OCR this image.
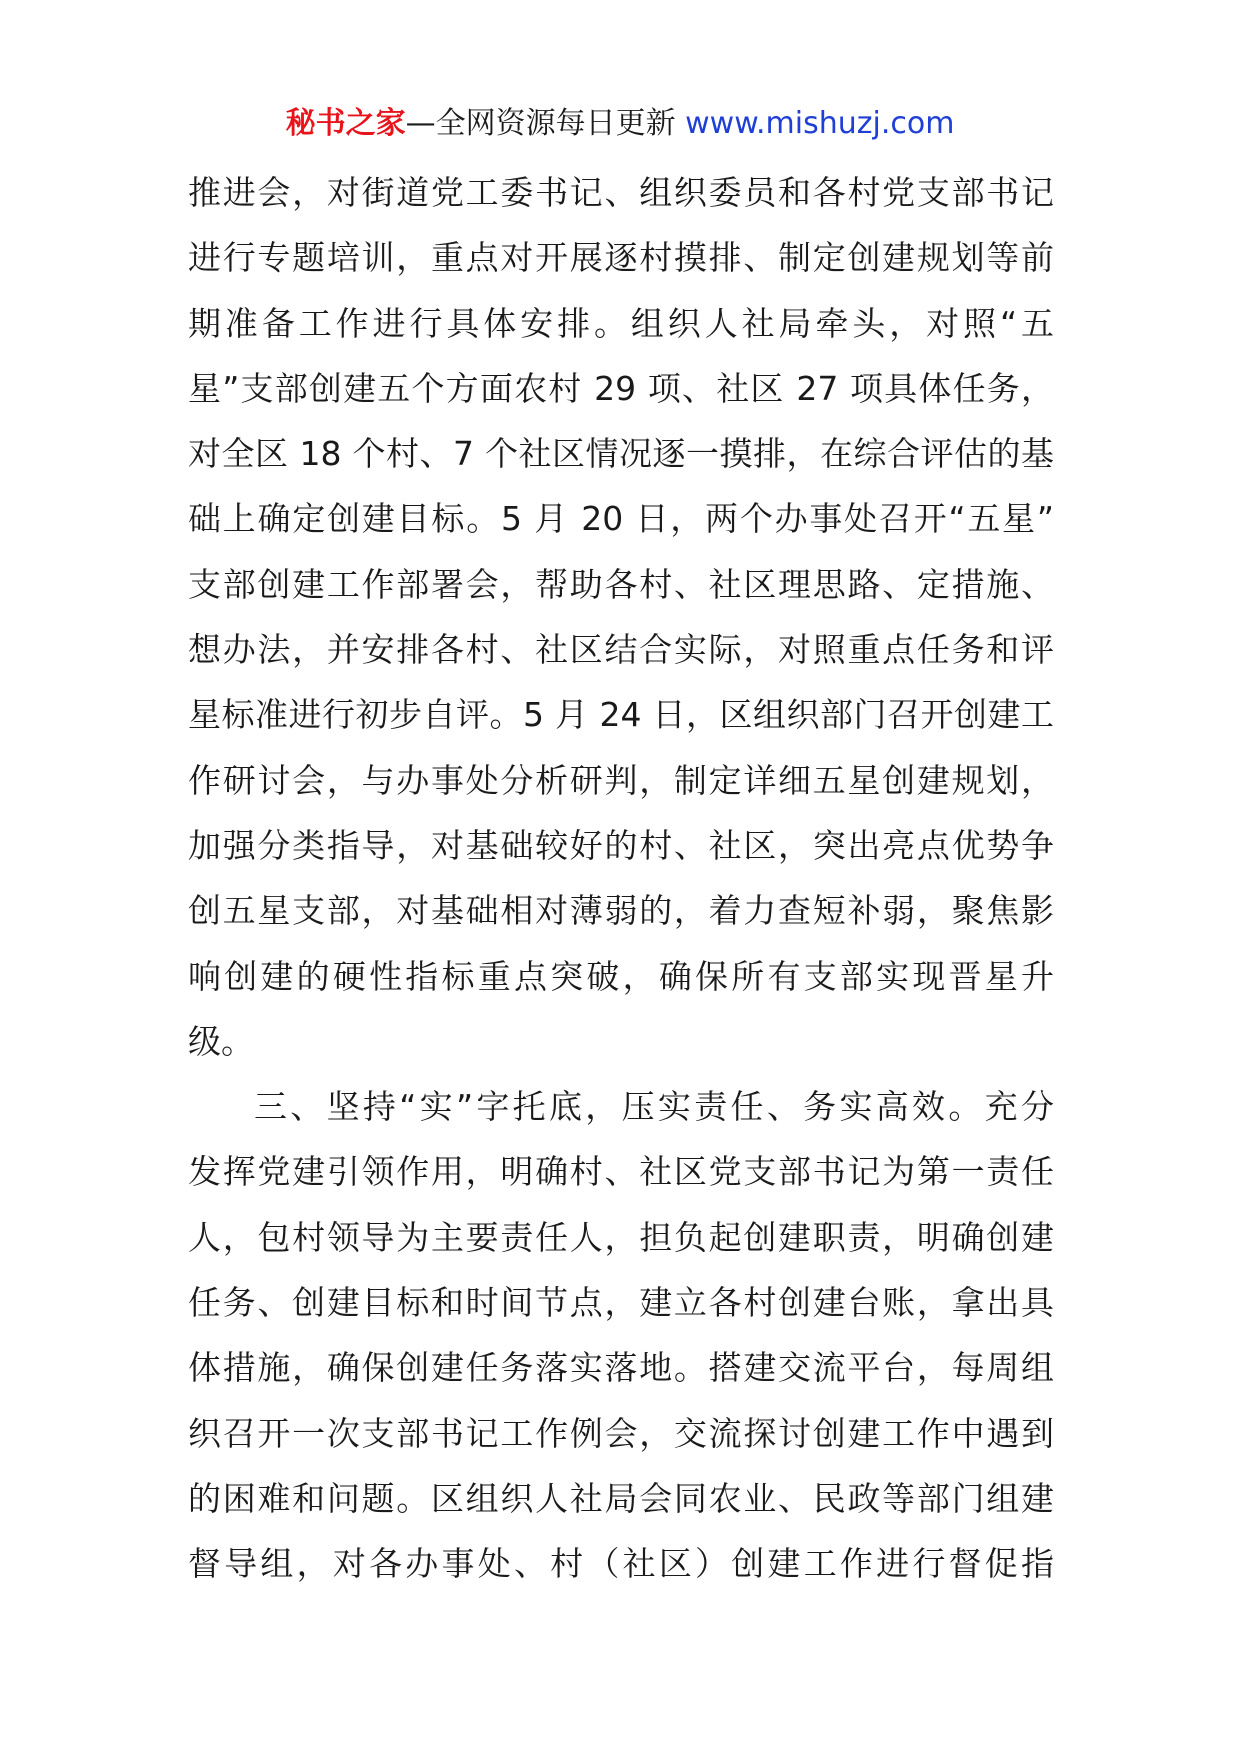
秘书之家—全网资源每日更新 www.mishuzj.com
推进会，对街道党工委书记、组织委员和各村党支部书记
进行专题培训，重点对开展逐村摸排、制定创建规划等前
期准备工作进行具体安排。组织人社局牵头，对照“五
星”支部创建五个方面农村 29 项、社区 27 项具体任务，
对全区 18 个村、7 个社区情况逐一摸排，在综合评估的基
础上确定创建目标。5 月 20 日，两个办事处召开“五星”
支部创建工作部署会，帮助各村、社区理思路、定措施、
想办法，并安排各村、社区结合实际，对照重点任务和评
星标准进行初步自评。5 月 24 日，区组织部门召开创建工
作研讨会，与办事处分析研判，制定详细五星创建规划，
加强分类指导，对基础较好的村、社区，突出亮点优势争
创五星支部，对基础相对薄弱的，着力查短补弱，聚焦影
响创建的硬性指标重点突破，确保所有支部实现晋星升
级。
三、坚持“实”字托底，压实责任、务实高效。充分
发挥党建引领作用，明确村、社区党支部书记为第一责任
人，包村领导为主要责任人，担负起创建职责，明确创建
任务、创建目标和时间节点，建立各村创建台账，拿出具
体措施，确保创建任务落实落地。搭建交流平台，每周组
织召开一次支部书记工作例会，交流探讨创建工作中遇到
的困难和问题。区组织人社局会同农业、民政等部门组建
督导组，对各办事处、村（社区）创建工作进行督促指
